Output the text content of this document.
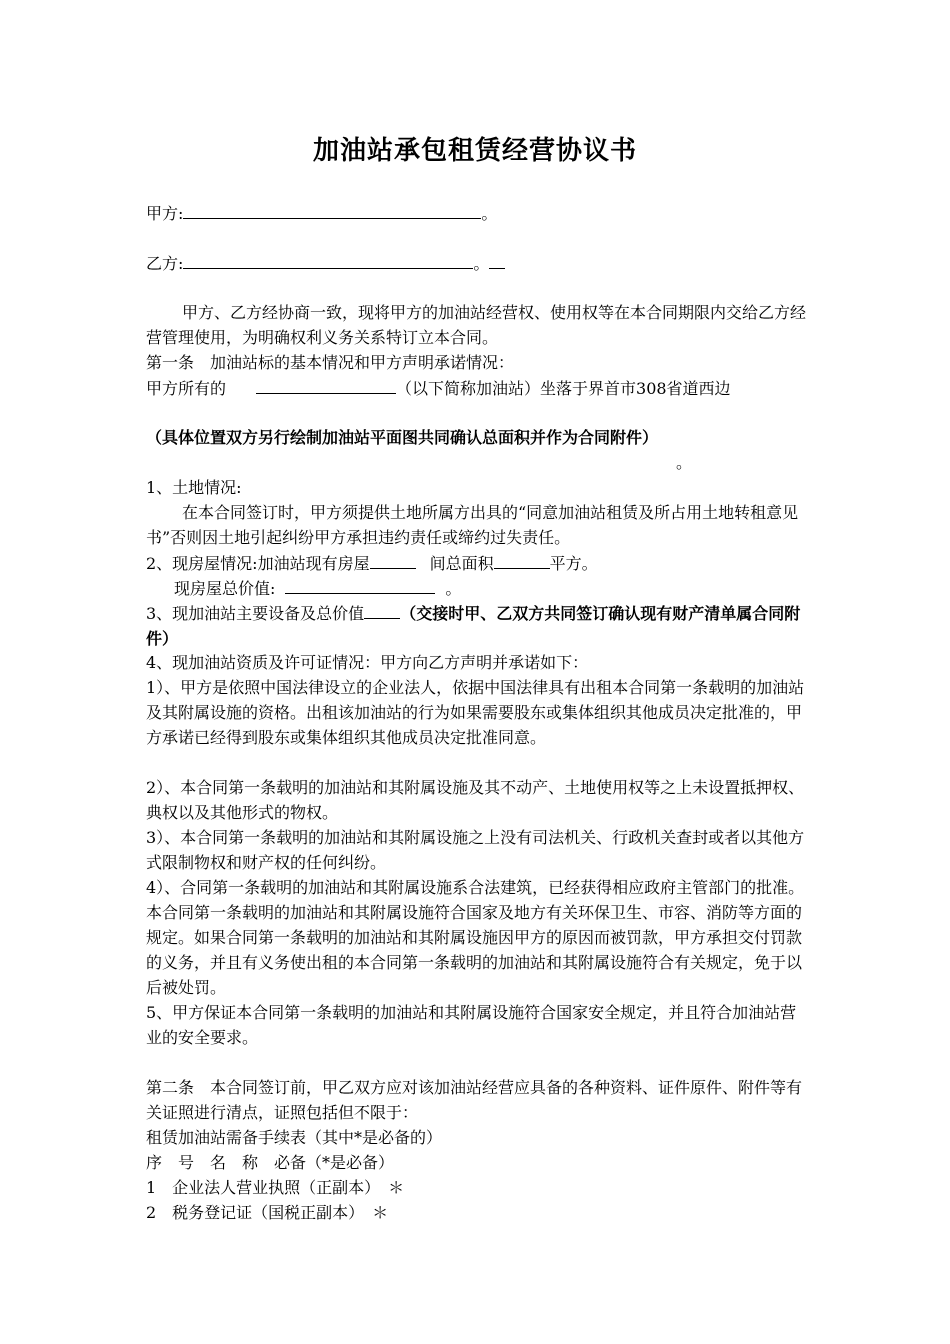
加油站承包租赁经营协议书
甲方:	。
乙方:	。
甲方、乙方经协商一致，现将甲方的加油站经营权、使用权等在本合同期限内交给乙方经营管理使用，为明确权利义务关系特订立本合同。
第一条　加油站标的基本情况和甲方声明承诺情况：
甲方所有的	（以下简称加油站）坐落于界首市308省道西边
（具体位置双方另行绘制加油站平面图共同确认总面积并作为合同附件）
。
1、土地情况:
在本合同签订时，甲方须提供土地所属方出具的“同意加油站租赁及所占用土地转租意见书”否则因土地引起纠纷甲方承担违约责任或缔约过失责任。
2、现房屋情况:加油站现有房屋	间总面积	平方。
现房屋总价值:	。
3、现加油站主要设备及总价值 （交接时甲、乙双方共同签订确认现有财产清单属合同附件）
4、现加油站资质及许可证情况：甲方向乙方声明并承诺如下：
1）、甲方是依照中国法律设立的企业法人，依据中国法律具有出租本合同第一条载明的加油站及其附属设施的资格。出租该加油站的行为如果需要股东或集体组织其他成员决定批准的，甲方承诺已经得到股东或集体组织其他成员决定批准同意。
2）、本合同第一条载明的加油站和其附属设施及其不动产、土地使用权等之上未设置抵押权、典权以及其他形式的物权。
3）、本合同第一条载明的加油站和其附属设施之上没有司法机关、行政机关查封或者以其他方式限制物权和财产权的任何纠纷。
4）、合同第一条载明的加油站和其附属设施系合法建筑，已经获得相应政府主管部门的批准。本合同第一条载明的加油站和其附属设施符合国家及地方有关环保卫生、市容、消防等方面的规定。如果合同第一条载明的加油站和其附属设施因甲方的原因而被罚款，甲方承担交付罚款的义务，并且有义务使出租的本合同第一条载明的加油站和其附属设施符合有关规定，免于以后被处罚。
5、甲方保证本合同第一条载明的加油站和其附属设施符合国家安全规定，并且符合加油站营业的安全要求。
第二条　本合同签订前，甲乙双方应对该加油站经营应具备的各种资料、证件原件、附件等有关证照进行清点，证照包括但不限于：
租赁加油站需备手续表（其中*是必备的）
序　号　名　称　必备（*是必备）
1　企业法人营业执照（正副本）　＊
2　税务登记证（国税正副本）　＊
